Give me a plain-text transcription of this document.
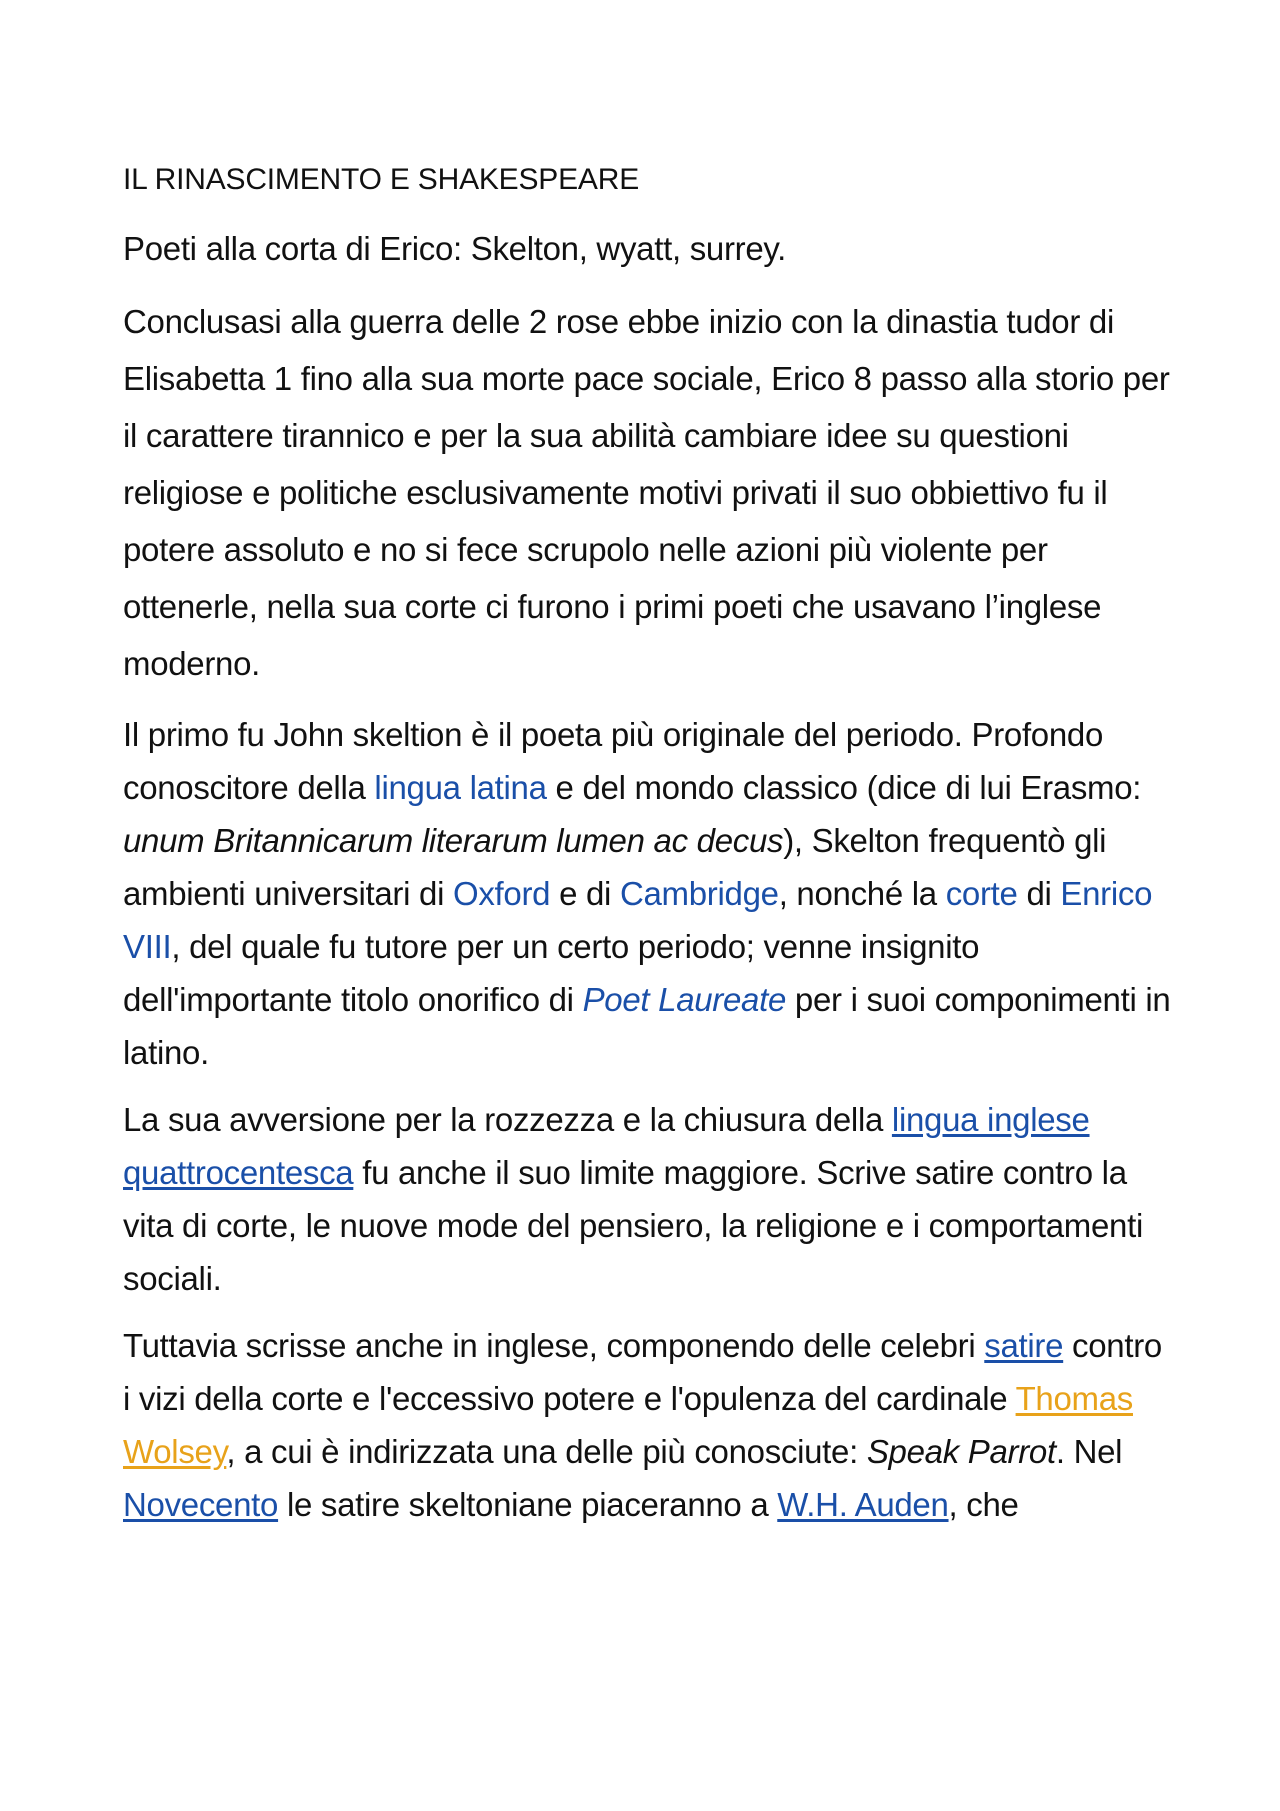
IL RINASCIMENTO E SHAKESPEARE

Poeti alla corta di Erico: Skelton, wyatt, surrey.

Conclusasi alla guerra delle 2 rose ebbe inizio con la dinastia tudor di Elisabetta 1 fino alla sua morte pace sociale, Erico 8 passo alla storio per il carattere tirannico e per la sua abilità cambiare idee su questioni religiose e politiche esclusivamente motivi privati il suo obbiettivo fu il potere assoluto e no si fece scrupolo nelle azioni più violente per ottenerle, nella sua corte ci furono i primi poeti che usavano l’inglese moderno.

Il primo fu John skeltion è il poeta più originale del periodo. Profondo conoscitore della lingua latina e del mondo classico (dice di lui Erasmo: unum Britannicarum literarum lumen ac decus), Skelton frequentò gli ambienti universitari di Oxford e di Cambridge, nonché la corte di Enrico VIII, del quale fu tutore per un certo periodo; venne insignito dell'importante titolo onorifico di Poet Laureate per i suoi componimenti in latino.

La sua avversione per la rozzezza e la chiusura della lingua inglese quattrocentesca fu anche il suo limite maggiore. Scrive satire contro la vita di corte, le nuove mode del pensiero, la religione e i comportamenti sociali.

Tuttavia scrisse anche in inglese, componendo delle celebri satire contro i vizi della corte e l'eccessivo potere e l'opulenza del cardinale Thomas Wolsey, a cui è indirizzata una delle più conosciute: Speak Parrot. Nel Novecento le satire skeltoniane piaceranno a W.H. Auden, che
